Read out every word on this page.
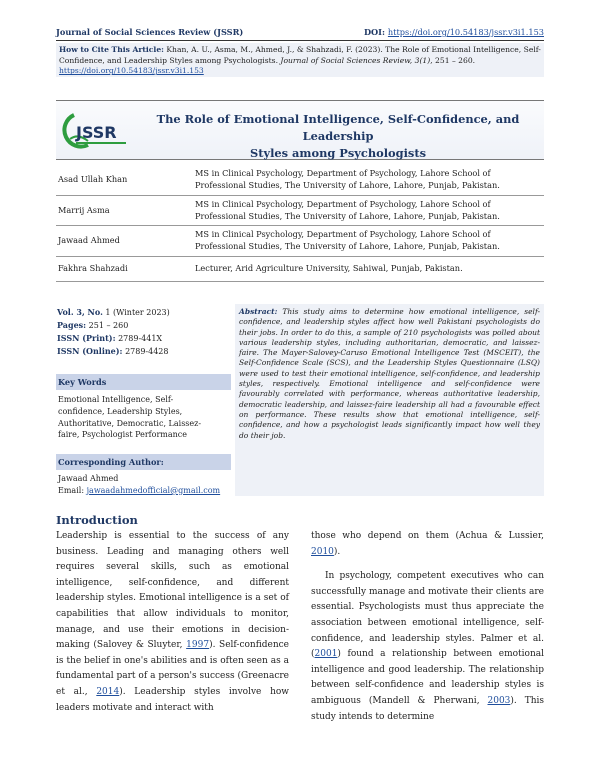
Journal of Social Sciences Review (JSSR)	DOI: https://doi.org/10.54183/jssr.v3i1.153
How to Cite This Article: Khan, A. U., Asma, M., Ahmed, J., & Shahzadi, F. (2023). The Role of Emotional Intelligence, Self-Confidence, and Leadership Styles among Psychologists. Journal of Social Sciences Review, 3(1), 251 – 260. https://doi.org/10.54183/jssr.v3i1.153
JSSR
The Role of Emotional Intelligence, Self-Confidence, and Leadership
Styles among Psychologists
Asad Ullah Khan
MS in Clinical Psychology, Department of Psychology, Lahore School of
Professional Studies, The University of Lahore, Lahore, Punjab, Pakistan.
Marrij Asma
MS in Clinical Psychology, Department of Psychology, Lahore School of
Professional Studies, The University of Lahore, Lahore, Punjab, Pakistan.
Jawaad Ahmed
MS in Clinical Psychology, Department of Psychology, Lahore School of
Professional Studies, The University of Lahore, Lahore, Punjab, Pakistan.
Fakhra Shahzadi	Lecturer, Arid Agriculture University, Sahiwal, Punjab, Pakistan.
Vol. 3, No. 1 (Winter 2023)
Pages: 251 – 260
ISSN (Print): 2789-441X
ISSN (Online): 2789-4428
Key Words
Emotional Intelligence, Self-
confidence, Leadership Styles,
Authoritative, Democratic, Laissez-
faire, Psychologist Performance
Corresponding Author:
Jawaad Ahmed
Email: jawaadahmedofficial@gmail.com
Abstract: This study aims to determine how emotional intelligence, self-confidence, and leadership styles affect how well Pakistani psychologists do their jobs. In order to do this, a sample of 210 psychologists was polled about various leadership styles, including authoritarian, democratic, and laissez-faire. The Mayer-Salovey-Caruso Emotional Intelligence Test (MSCEIT), the Self-Confidence Scale (SCS), and the Leadership Styles Questionnaire (LSQ) were used to test their emotional intelligence, self-confidence, and leadership styles, respectively. Emotional intelligence and self-confidence were favourably correlated with performance, whereas authoritative leadership, democratic leadership, and laissez-faire leadership all had a favourable effect on performance. These results show that emotional intelligence, self-confidence, and how a psychologist leads significantly impact how well they do their job.
Introduction

Leadership is essential to the success of any business. Leading and managing others well requires several skills, such as emotional intelligence, self-confidence, and different leadership styles. Emotional intelligence is a set of capabilities that allow individuals to monitor, manage, and use their emotions in decision-making (Salovey & Sluyter, 1997). Self-confidence is the belief in one's abilities and is often seen as a fundamental part of a person's success (Greenacre et al., 2014). Leadership styles involve how leaders motivate and interact with

those who depend on them (Achua & Lussier, 2010).

In psychology, competent executives who can successfully manage and motivate their clients are essential. Psychologists must thus appreciate the association between emotional intelligence, self-confidence, and leadership styles. Palmer et al. (2001) found a relationship between emotional intelligence and good leadership. The relationship between self-confidence and leadership styles is ambiguous (Mandell & Pherwani, 2003). This study intends to determine
